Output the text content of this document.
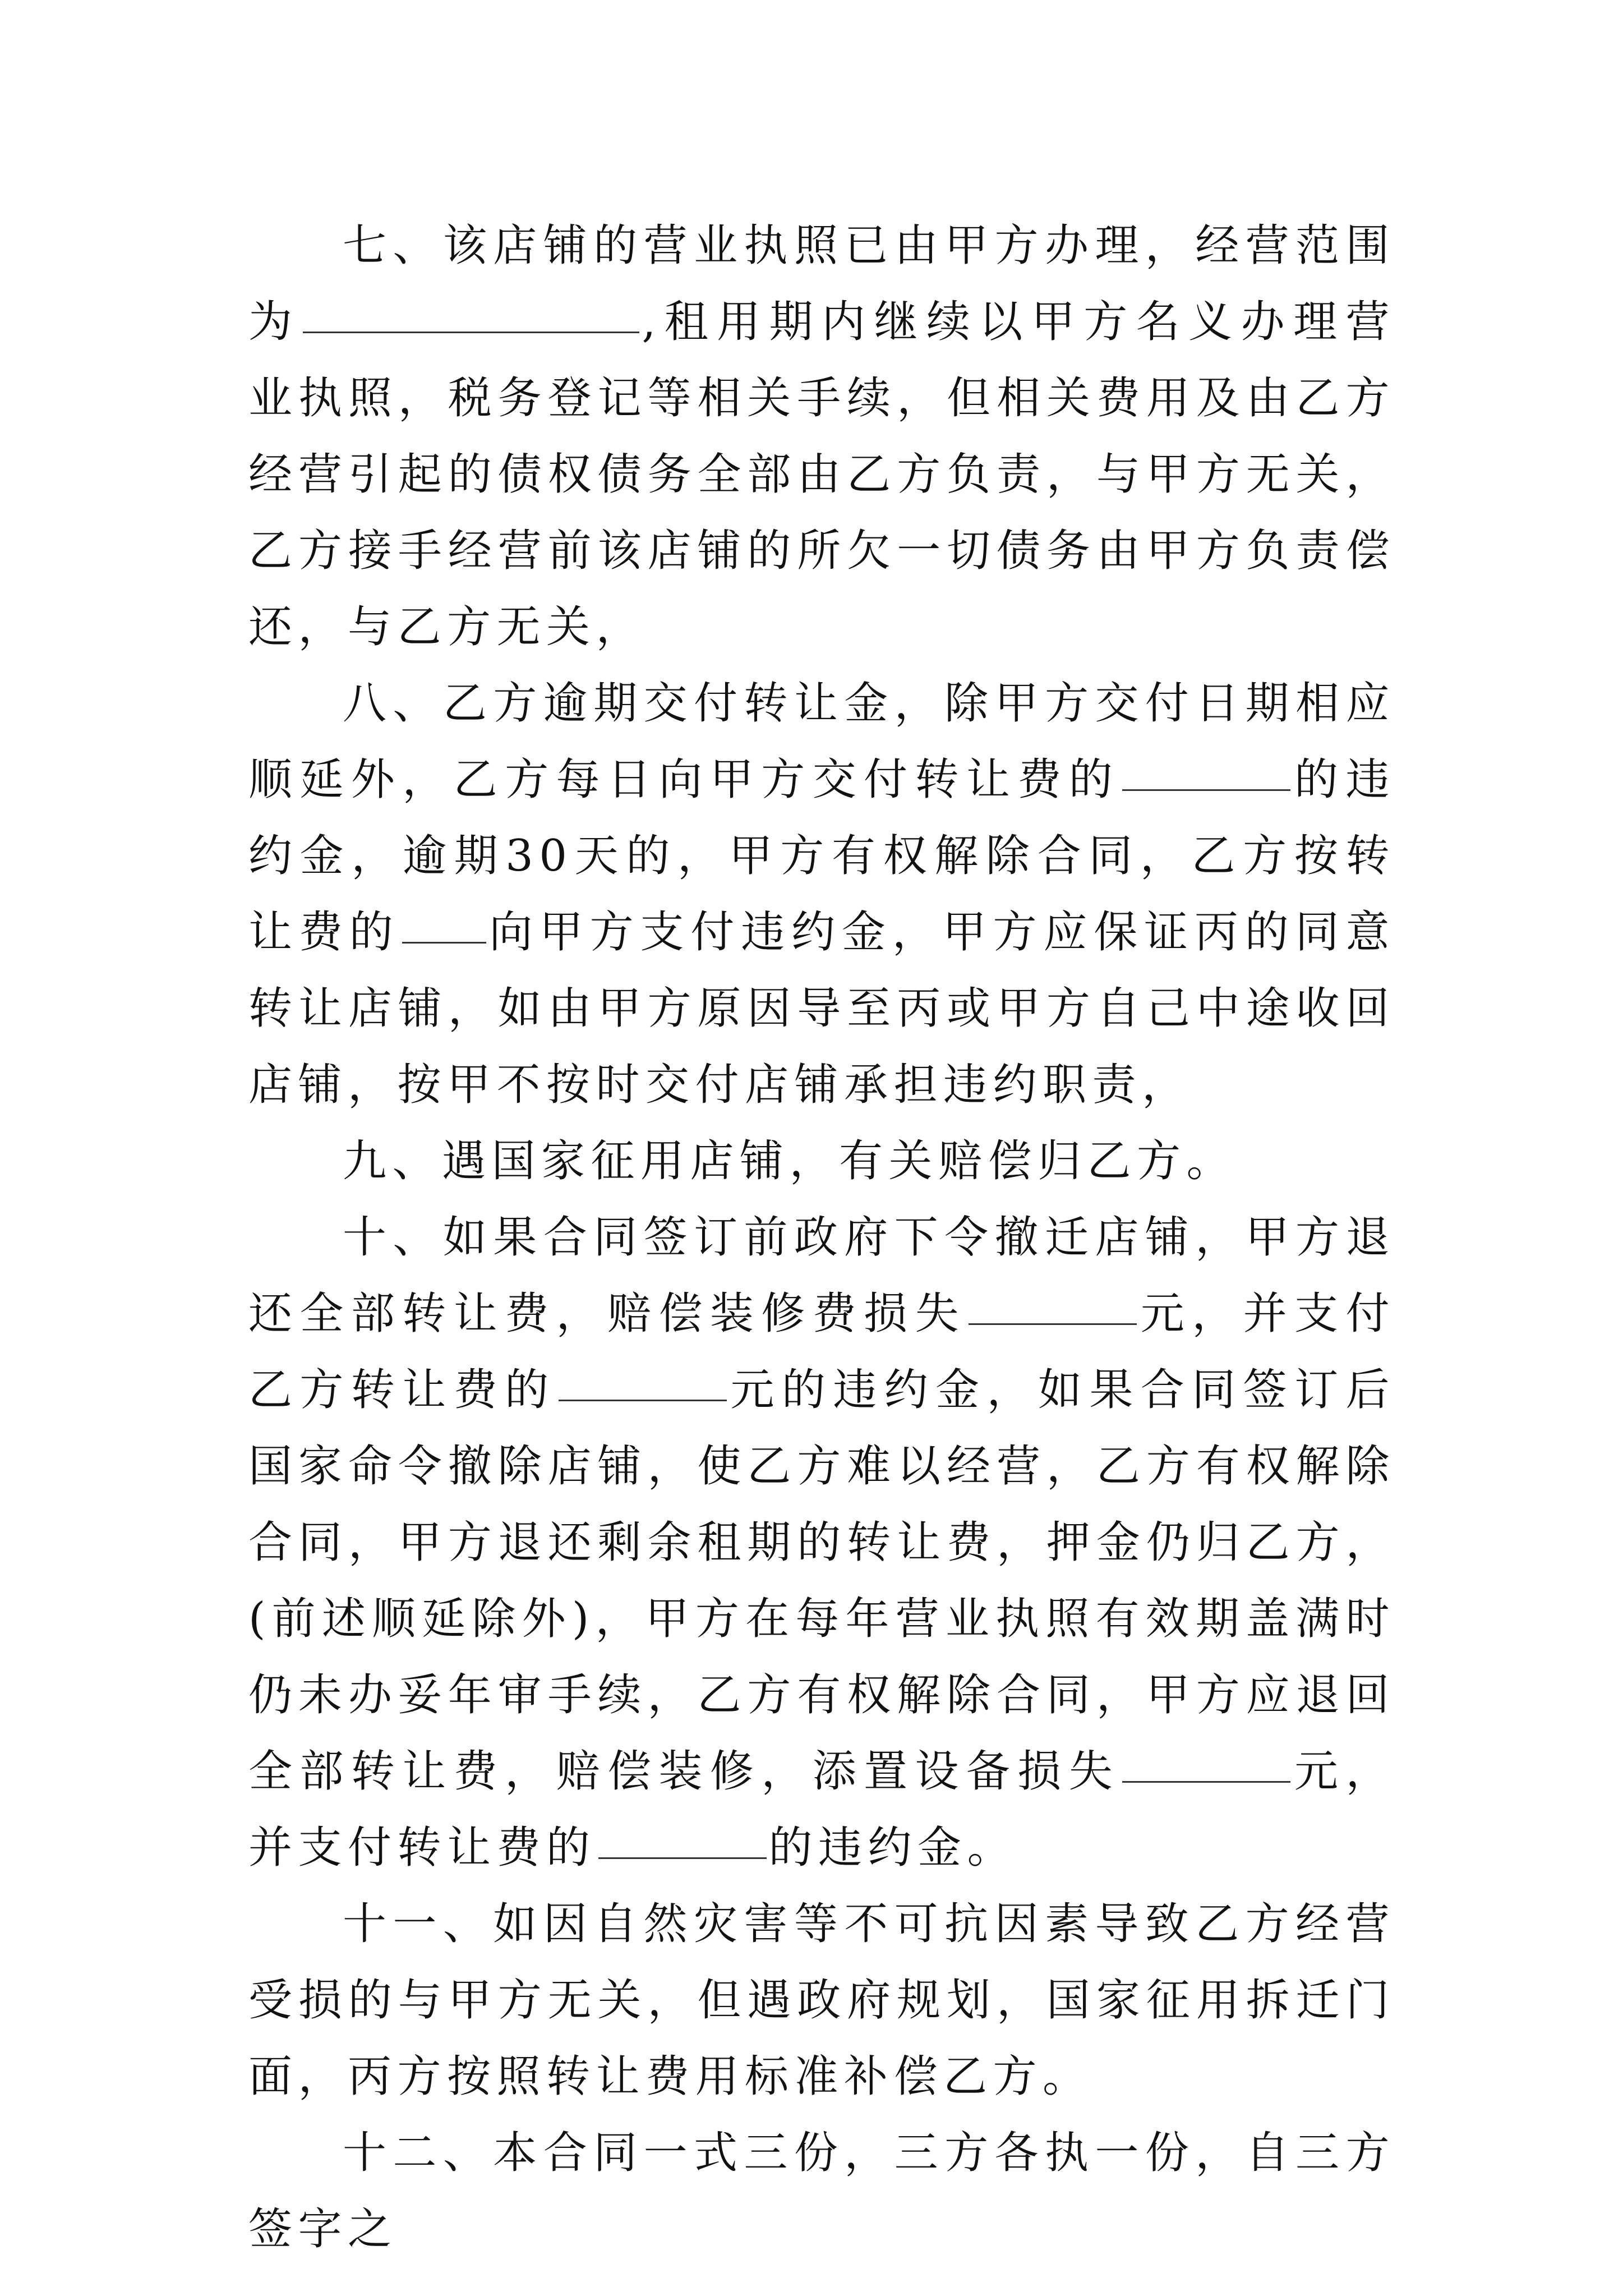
七、该店铺的营业执照已由甲方办理，经营范围为	,租用期内继续以甲方名义办理营业执照，税务登记等相关手续，但相关费用及由乙方经营引起的债权债务全部由乙方负责，与甲方无关，乙方接手经营前该店铺的所欠一切债务由甲方负责偿还，与乙方无关，

八、乙方逾期交付转让金，除甲方交付日期相应顺延外，乙方每日向甲方交付转让费的	的违约金，逾期30天的，甲方有权解除合同，乙方按转让费的 向甲方支付违约金，甲方应保证丙的同意转让店铺，如由甲方原因导至丙或甲方自己中途收回店铺，按甲不按时交付店铺承担违约职责，

九、遇国家征用店铺，有关赔偿归乙方。

十、如果合同签订前政府下令撤迁店铺，甲方退还全部转让费，赔偿装修费损失	元，并支付乙方转让费的	元的违约金，如果合同签订后国家命令撤除店铺，使乙方难以经营，乙方有权解除合同，甲方退还剩余租期的转让费，押金仍归乙方，(前述顺延除外)，甲方在每年营业执照有效期盖满时仍未办妥年审手续，乙方有权解除合同，甲方应退回全部转让费，赔偿装修，添置设备损失	元，并支付转让费的	的违约金。

十一、如因自然灾害等不可抗因素导致乙方经营受损的与甲方无关，但遇政府规划，国家征用拆迁门面，丙方按照转让费用标准补偿乙方。

十二、本合同一式三份，三方各执一份，自三方签字之
